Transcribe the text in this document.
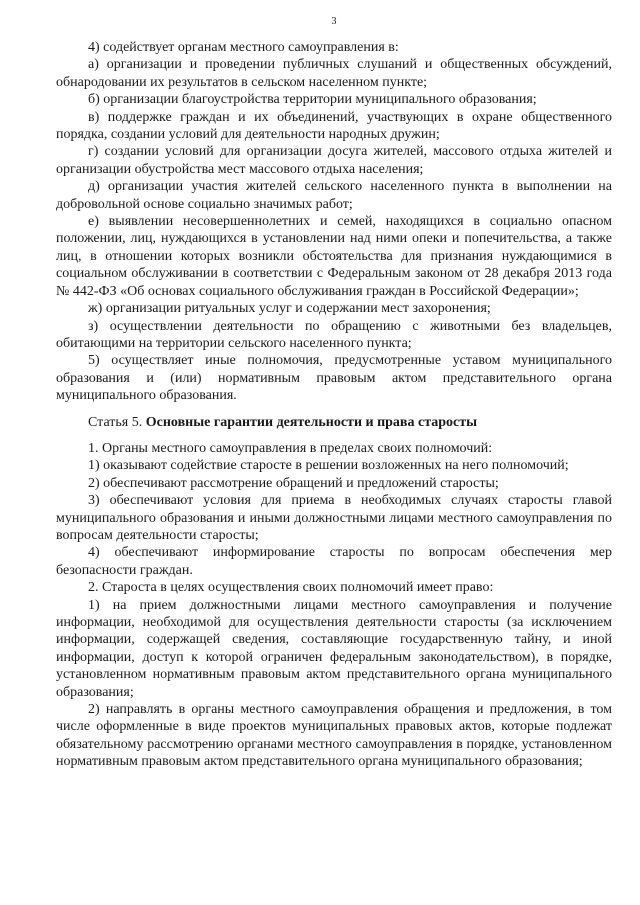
3

4) содействует органам местного самоуправления в:

а) организации и проведении публичных слушаний и общественных обсуждений, обнародовании их результатов в сельском населенном пункте;

б) организации благоустройства территории муниципального образования;

в) поддержке граждан и их объединений, участвующих в охране общественного порядка, создании условий для деятельности народных дружин;

г) создании условий для организации досуга жителей, массового отдыха жителей и организации обустройства мест массового отдыха населения;

д) организации участия жителей сельского населенного пункта в выполнении на добровольной основе социально значимых работ;

е) выявлении несовершеннолетних и семей, находящихся в социально опасном положении, лиц, нуждающихся в установлении над ними опеки и попечительства, а также лиц, в отношении которых возникли обстоятельства для признания нуждающимися в социальном обслуживании в соответствии с Федеральным законом от 28 декабря 2013 года № 442-ФЗ «Об основах социального обслуживания граждан в Российской Федерации»;

ж) организации ритуальных услуг и содержании мест захоронения;

з) осуществлении деятельности по обращению с животными без владельцев, обитающими на территории сельского населенного пункта;

5) осуществляет иные полномочия, предусмотренные уставом муниципального образования и (или) нормативным правовым актом представительного органа муниципального образования.

Статья 5. Основные гарантии деятельности и права старосты

1. Органы местного самоуправления в пределах своих полномочий:

1) оказывают содействие старосте в решении возложенных на него полномочий;

2) обеспечивают рассмотрение обращений и предложений старосты;

3) обеспечивают условия для приема в необходимых случаях старосты главой муниципального образования и иными должностными лицами местного самоуправления по вопросам деятельности старосты;

4) обеспечивают информирование старосты по вопросам обеспечения мер безопасности граждан.

2. Староста в целях осуществления своих полномочий имеет право:

1) на прием должностными лицами местного самоуправления и получение информации, необходимой для осуществления деятельности старосты (за исключением информации, содержащей сведения, составляющие государственную тайну, и иной информации, доступ к которой ограничен федеральным законодательством), в порядке, установленном нормативным правовым актом представительного органа муниципального образования;

2) направлять в органы местного самоуправления обращения и предложения, в том числе оформленные в виде проектов муниципальных правовых актов, которые подлежат обязательному рассмотрению органами местного самоуправления в порядке, установленном нормативным правовым актом представительного органа муниципального образования;
